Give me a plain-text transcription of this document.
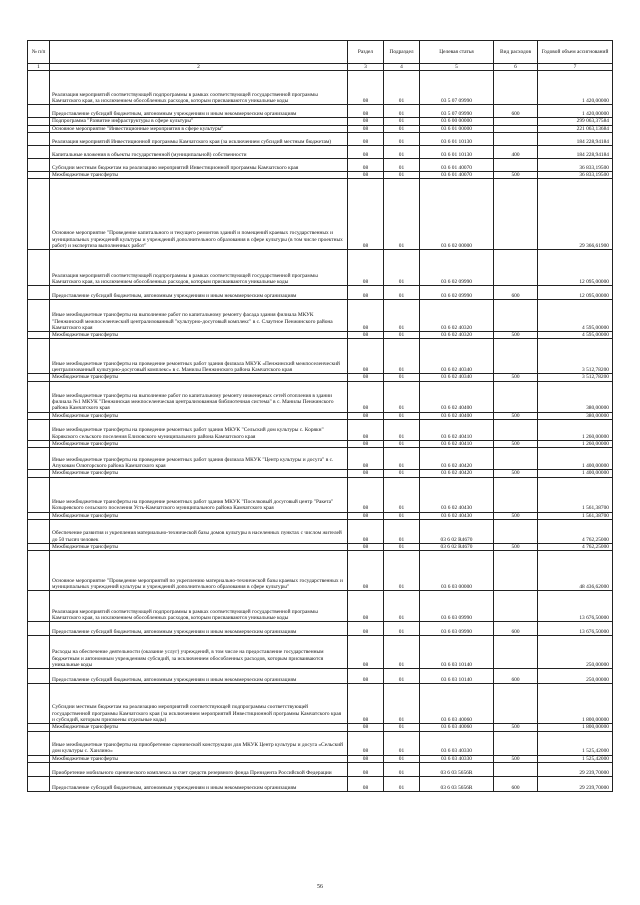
№ п/п		Раздел	Подраздел	Целевая статья	Вид расходов	Годовой объем ассигнований
1	2	3	4	5	6	7
	Реализация мероприятий соответствующей подпрограммы в рамках соответствующей государственной программы Камчатского края, за исключением обособленных расходов, которым присваиваются уникальные коды	08	01	03 5 07 09990		1 420,00000
	Предоставление субсидий бюджетным, автономным учреждениям и иным некоммерческим организациям	08	01	03 5 07 09990	600	1 420,00000
	Подпрограмма "Развитие инфраструктуры в сфере культуры"	08	01	03 6 00 00000		299 063,37584
	Основное мероприятие "Инвестиционные мероприятия в сфере культуры"	08	01	03 6 01 00000		221 063,13684
	Реализация мероприятий Инвестиционной программы Камчатского края (за исключением субсидий местным бюджетам)	08	01	03 6 01 10130		184 228,94184
	Капитальные вложения в объекты государственной (муниципальной) собственности	08	01	03 6 01 10130	400	184 228,94184
	Субсидии местным бюджетам на реализацию мероприятий Инвестиционной программы Камчатского края	08	01	03 6 01 40070		36 833,19500
	Межбюджетные трансферты	08	01	03 6 01 40070	500	36 833,19500
	Основное мероприятие "Проведение капитального и текущего ремонтов зданий и помещений краевых государственных и муниципальных учреждений культуры и учреждений дополнительного образования в сфере культуры (в том числе проектных работ) и экспертиза выполненных работ"	08	01	03 6 02 00000		29 366,61900
	Реализация мероприятий соответствующей подпрограммы в рамках соответствующей государственной программы Камчатского края, за исключением обособленных расходов, которым присваиваются уникальные коды	08	01	03 6 02 09990		12 095,00000
	Предоставление субсидий бюджетным, автономным учреждениям и иным некоммерческим организациям	08	01	03 6 02 09990	600	12 095,00000
	Иные межбюджетные трансферты на выполнение работ по капитальному ремонту фасада здания филиала МКУК "Пенжинский межпоселенческий централизованный "культурно-досуговый комплекс" в с. Слаутное Пенжинского района Камчатского края	08	01	03 6 02 40320		4 595,00000
	Межбюджетные трансферты	08	01	03 6 02 40320	500	4 595,00000
	Иные межбюджетные трансферты на проведение ремонтных работ здания филиала МКУК «Пенжинский межпоселенческий централизованный культурно-досуговый комплекс» в с. Манилы Пенжинского района Камчатского края	08	01	03 6 02 40340		3 512,78200
	Межбюджетные трансферты	08	01	03 6 02 40340	500	3 512,78200
	Иные межбюджетные трансферты на выполнение работ по капитальному ремонту инженерных сетей отопления в здании филиала №1 МКУК "Пенжинская межпоселенческая централизованная библиотечная система" в с. Манилы Пенжинского района Камчатского края	08	01	03 6 02 40400		380,00000
	Межбюджетные трансферты	08	01	03 6 02 40400	500	380,00000
	Иные межбюджетные трансферты на проведение ремонтных работ здания МКУК "Сельский дом культуры с. Корякн" Корякского сельского поселения Елизовского муниципального района Камчатского края	08	01	03 6 02 40410		1 260,00000
	Межбюджетные трансферты	08	01	03 6 02 40410	500	1 260,00000
	Иные межбюджетные трансферты на проведение ремонтных работ здания филиала МКУК "Центр культуры и досуга" в с. Апуковам Олюторского района Камчатского края	08	01	03 6 02 40420		1 400,00000
	Межбюджетные трансферты	08	01	03 6 02 40420	500	1 400,00000
	Иные межбюджетные трансферты на проведение ремонтных работ здания МКУК "Поселковый досуговый центр "Ракета" Козыревского сельского поселения Усть-Камчатского муниципального района Камчатского края	08	01	03 6 02 40430		1 561,38700
	Межбюджетные трансферты	08	01	03 6 02 40430	500	1 561,38700
	Обеспечение развития и укрепления материально-технической базы домов культуры в населенных пунктах с числом жителей до 50 тысяч человек	08	01	03 6 02 R4670		4 762,25000
	Межбюджетные трансферты	08	01	03 6 02 R4670	500	4 762,25000
	Основное мероприятие "Проведение мероприятий по укреплению материально-технической базы краевых государственных и муниципальных учреждений культуры и учреждений дополнительного образования в сфере культуры"	08	01	03 6 03 00000		48 436,62000
	Реализация мероприятий соответствующей подпрограммы в рамках соответствующей государственной программы Камчатского края, за исключением обособленных расходов, которым присваиваются уникальные коды	08	01	03 6 03 09990		13 676,50000
	Предоставление субсидий бюджетным, автономным учреждениям и иным некоммерческим организациям	08	01	03 6 03 09990	600	13 676,50000
	Расходы на обеспечение деятельности (оказание услуг) учреждений, в том числе на предоставление государственным бюджетным и автономным учреждениям субсидий, за исключением обособленных расходов, которым присваиваются уникальные коды	08	01	03 6 03 10140		250,00000
	Предоставление субсидий бюджетным, автономным учреждениям и иным некоммерческим организациям	08	01	03 6 03 10140	600	250,00000
	Субсидии местным бюджетам на реализацию мероприятий соответствующей подпрограммы соответствующей государственной программы Камчатского края (за исключением мероприятий Инвестиционной программы Камчатского края и субсидий, которым присвоены отдельные коды)	08	01	03 6 03 40060		1 800,00000
	Межбюджетные трансферты	08	01	03 6 03 40060	500	1 800,00000
	Иные межбюджетные трансферты на приобретение сценической конструкции для МКУК Центр культуры и досуга «Сельский дом культуры с. Хаилино»	08	01	03 6 03 40330		1 525,42000
	Межбюджетные трансферты	08	01	03 6 03 40330	500	1 525,42000
	Приобретение мобильного сценического комплекса за счет средств резервного фонда Президента Российской Федерации	08	01	03 6 03 5656R		29 239,70000
	Предоставление субсидий бюджетным, автономным учреждениям и иным некоммерческим организациям	08	01	03 6 03 5656R	600	29 239,70000
56
